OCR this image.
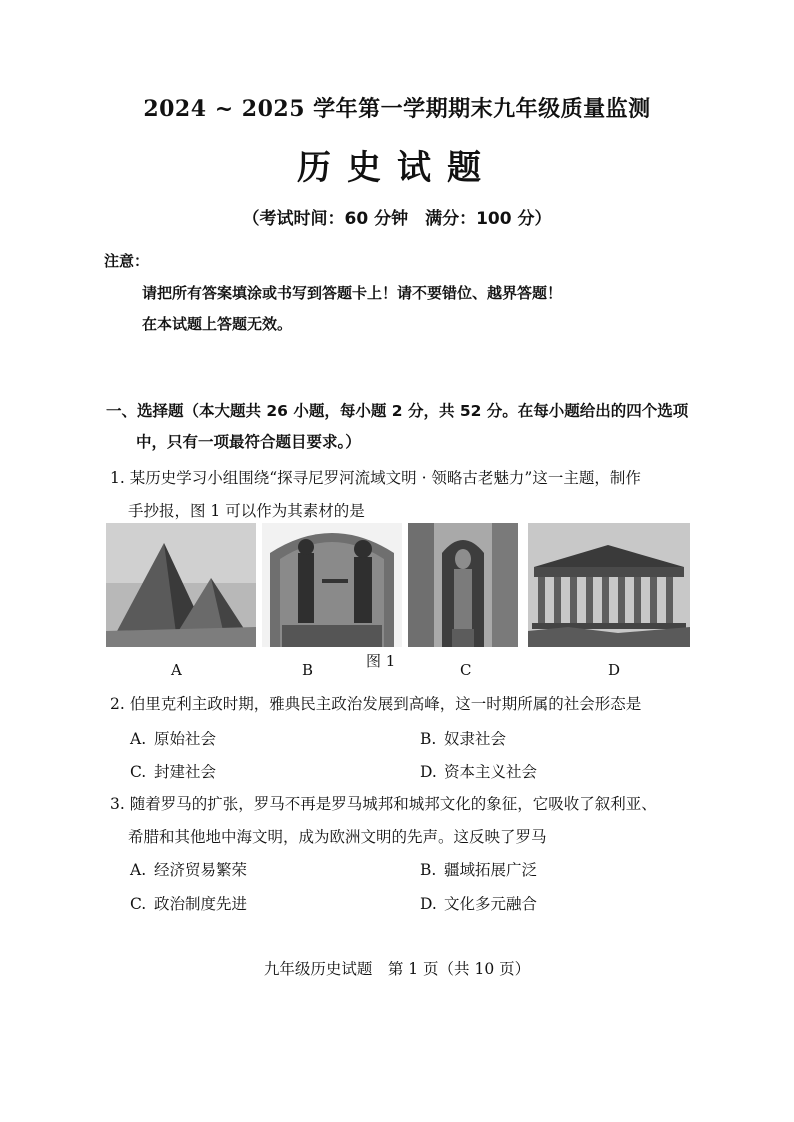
2024 ~ 2025 学年第一学期期末九年级质量监测
历史试题
（考试时间：60 分钟　满分：100 分）
注意：
请把所有答案填涂或书写到答题卡上！请不要错位、越界答题！
在本试题上答题无效。
一、选择题（本大题共 26 小题，每小题 2 分，共 52 分。在每小题给出的四个选项
中，只有一项最符合题目要求。）
1. 某历史学习小组围绕“探寻尼罗河流域文明 · 领略古老魅力”这一主题，制作
手抄报，图 1 可以作为其素材的是
A	B	图 1	C	D
2. 伯里克利主政时期，雅典民主政治发展到高峰，这一时期所属的社会形态是
A. 原始社会	B. 奴隶社会
C. 封建社会	D. 资本主义社会
3. 随着罗马的扩张，罗马不再是罗马城邦和城邦文化的象征，它吸收了叙利亚、
希腊和其他地中海文明，成为欧洲文明的先声。这反映了罗马
A. 经济贸易繁荣	B. 疆域拓展广泛
C. 政治制度先进	D. 文化多元融合
九年级历史试题　第 1 页（共 10 页）
